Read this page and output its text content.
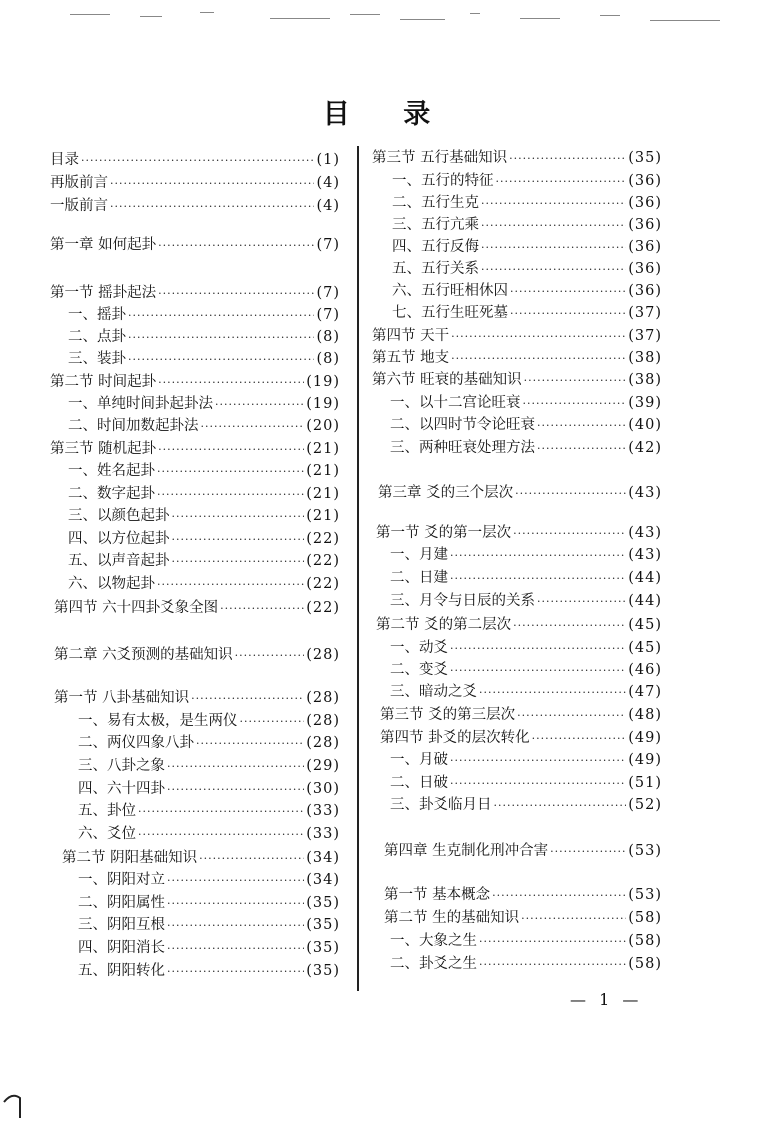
目 录
目录 ·····	(1)
再版前言 ·····	(4)
一版前言 ·····	(4)
第一章 如何起卦 ·····	(7)
第一节 摇卦起法 ·····	(7)
一、摇卦 ·····	(7)
二、点卦 ·····	(8)
三、装卦 ·····	(8)
第二节 时间起卦 ·····	(19)
一、单纯时间卦起卦法 ·····	(19)
二、时间加数起卦法 ·····	(20)
第三节 随机起卦 ·····	(21)
一、姓名起卦 ·····	(21)
二、数字起卦 ·····	(21)
三、以颜色起卦 ·····	(21)
四、以方位起卦 ·····	(22)
五、以声音起卦 ·····	(22)
六、以物起卦 ·····	(22)
第四节 六十四卦爻象全图 ·····	(22)
第二章 六爻预测的基础知识 ·····	(28)
第一节 八卦基础知识 ·····	(28)
一、易有太极，是生两仪 ·····	(28)
二、两仪四象八卦 ·····	(28)
三、八卦之象 ·····	(29)
四、六十四卦 ·····	(30)
五、卦位 ·····	(33)
六、爻位 ·····	(33)
第二节 阴阳基础知识 ·····	(34)
一、阴阳对立 ·····	(34)
二、阴阳属性 ·····	(35)
三、阴阳互根 ·····	(35)
四、阴阳消长 ·····	(35)
五、阴阳转化 ·····	(35)
第三节 五行基础知识 ·····	(35)
一、五行的特征 ·····	(36)
二、五行生克 ·····	(36)
三、五行亢乘 ·····	(36)
四、五行反侮 ·····	(36)
五、五行关系 ·····	(36)
六、五行旺相休囚 ·····	(36)
七、五行生旺死墓 ·····	(37)
第四节 天干 ·····	(37)
第五节 地支 ·····	(38)
第六节 旺衰的基础知识 ·····	(38)
一、以十二宫论旺衰 ·····	(39)
二、以四时节令论旺衰 ·····	(40)
三、两种旺衰处理方法 ·····	(42)
第三章 爻的三个层次 ·····	(43)
第一节 爻的第一层次 ·····	(43)
一、月建 ·····	(43)
二、日建 ·····	(44)
三、月令与日辰的关系 ·····	(44)
第二节 爻的第二层次 ·····	(45)
一、动爻 ·····	(45)
二、变爻 ·····	(46)
三、暗动之爻 ·····	(47)
第三节 爻的第三层次 ·····	(48)
第四节 卦爻的层次转化 ·····	(49)
一、月破 ·····	(49)
二、日破 ·····	(51)
三、卦爻临月日 ·····	(52)
第四章 生克制化刑冲合害 ·····	(53)
第一节 基本概念 ·····	(53)
第二节 生的基础知识 ·····	(58)
一、大象之生 ·····	(58)
二、卦爻之生 ·····	(58)
— 1 —
